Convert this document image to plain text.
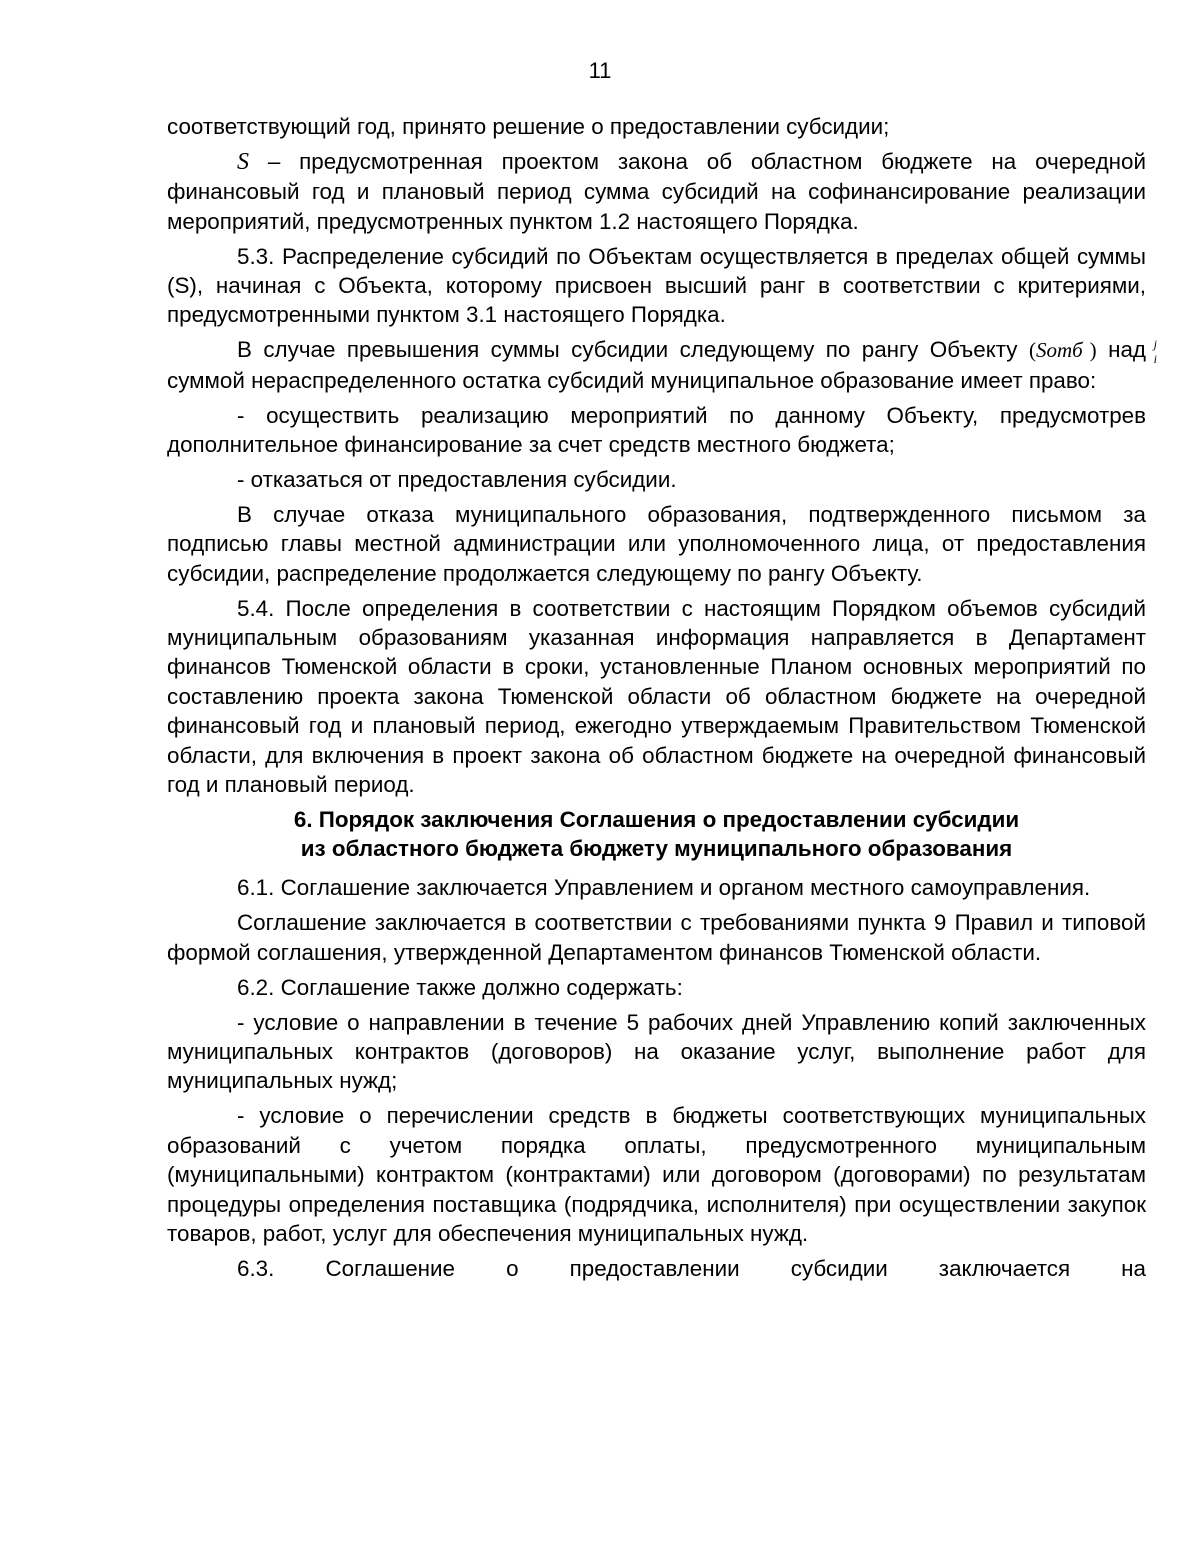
11

соответствующий год, принято решение о предоставлении субсидии;

S – предусмотренная проектом закона об областном бюджете на очередной финансовый год и плановый период сумма субсидий на софинансирование реализации мероприятий, предусмотренных пунктом 1.2 настоящего Порядка.

5.3. Распределение субсидий по Объектам осуществляется в пределах общей суммы (S), начиная с Объекта, которому присвоен высший ранг в соответствии с критериями, предусмотренными пунктом 3.1 настоящего Порядка.

В случае превышения суммы субсидии следующему по рангу Объекту (Sотб	j
i
) над суммой нераспределенного остатка субсидий муниципальное образование имеет право:

- осуществить реализацию мероприятий по данному Объекту, предусмотрев дополнительное финансирование за счет средств местного бюджета;

- отказаться от предоставления субсидии.

В случае отказа муниципального образования, подтвержденного письмом за подписью главы местной администрации или уполномоченного лица, от предоставления субсидии, распределение продолжается следующему по рангу Объекту.

5.4. После определения в соответствии с настоящим Порядком объемов субсидий муниципальным образованиям указанная информация направляется в Департамент финансов Тюменской области в сроки, установленные Планом основных мероприятий по составлению проекта закона Тюменской области об областном бюджете на очередной финансовый год и плановый период, ежегодно утверждаемым Правительством Тюменской области, для включения в проект закона об областном бюджете на очередной финансовый год и плановый период.

6. Порядок заключения Соглашения о предоставлении субсидии
из областного бюджета бюджету муниципального образования

6.1. Соглашение заключается Управлением и органом местного самоуправления.

Соглашение заключается в соответствии с требованиями пункта 9 Правил и типовой формой соглашения, утвержденной Департаментом финансов Тюменской области.

6.2. Соглашение также должно содержать:

- условие о направлении в течение 5 рабочих дней Управлению копий заключенных муниципальных контрактов (договоров) на оказание услуг, выполнение работ для муниципальных нужд;

- условие о перечислении средств в бюджеты соответствующих муниципальных образований с учетом порядка оплаты, предусмотренного муниципальным (муниципальными) контрактом (контрактами) или договором (договорами) по результатам процедуры определения поставщика (подрядчика, исполнителя) при осуществлении закупок товаров, работ, услуг для обеспечения муниципальных нужд.

6.3. Соглашение о предоставлении субсидии заключается на
